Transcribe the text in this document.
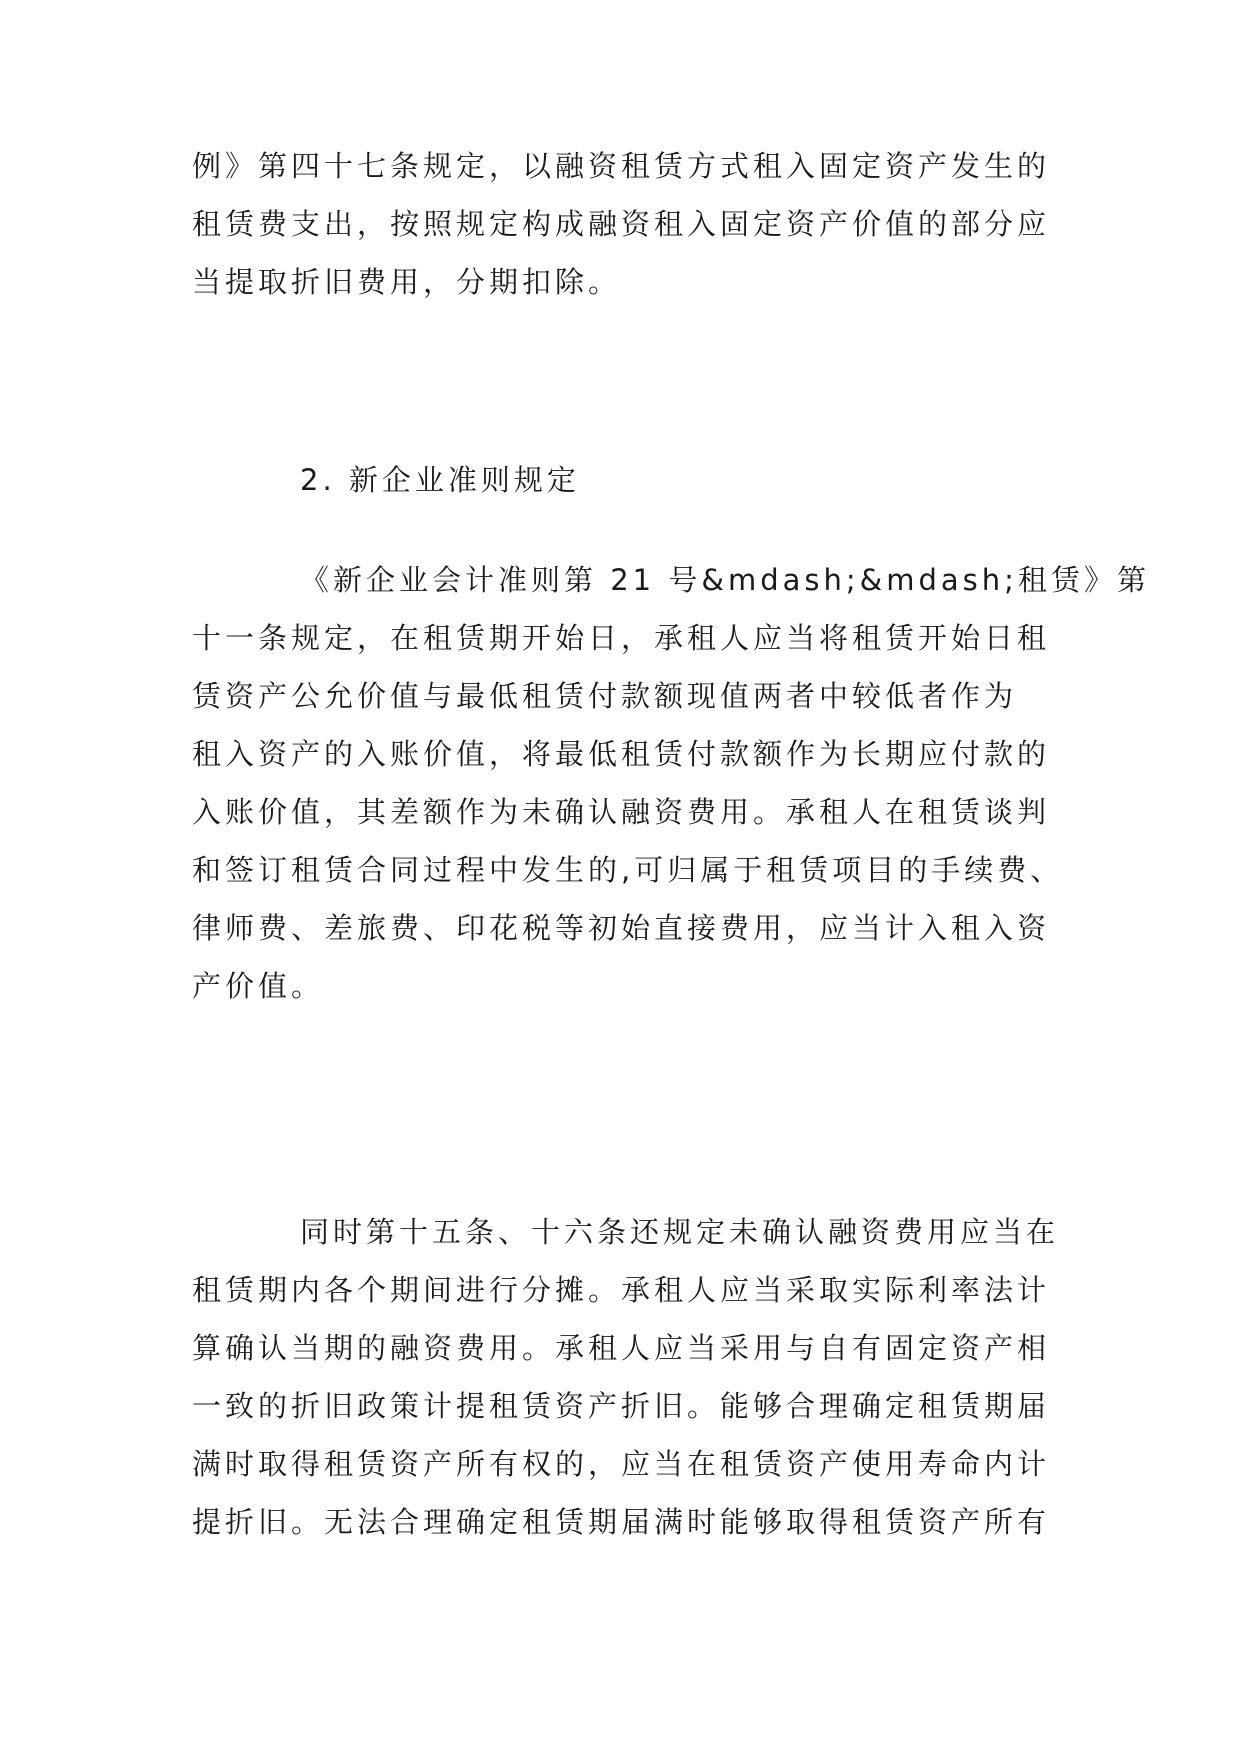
例》第四十七条规定，以融资租赁方式租入固定资产发生的
租赁费支出，按照规定构成融资租入固定资产价值的部分应
当提取折旧费用，分期扣除。
2. 新企业准则规定
《新企业会计准则第 21 号&mdash;&mdash;租赁》第
十一条规定，在租赁期开始日，承租人应当将租赁开始日租
赁资产公允价值与最低租赁付款额现值两者中较低者作为
租入资产的入账价值，将最低租赁付款额作为长期应付款的
入账价值，其差额作为未确认融资费用。承租人在租赁谈判
和签订租赁合同过程中发生的,可归属于租赁项目的手续费、
律师费、差旅费、印花税等初始直接费用，应当计入租入资
产价值。
同时第十五条、十六条还规定未确认融资费用应当在
租赁期内各个期间进行分摊。承租人应当采取实际利率法计
算确认当期的融资费用。承租人应当采用与自有固定资产相
一致的折旧政策计提租赁资产折旧。能够合理确定租赁期届
满时取得租赁资产所有权的，应当在租赁资产使用寿命内计
提折旧。无法合理确定租赁期届满时能够取得租赁资产所有
